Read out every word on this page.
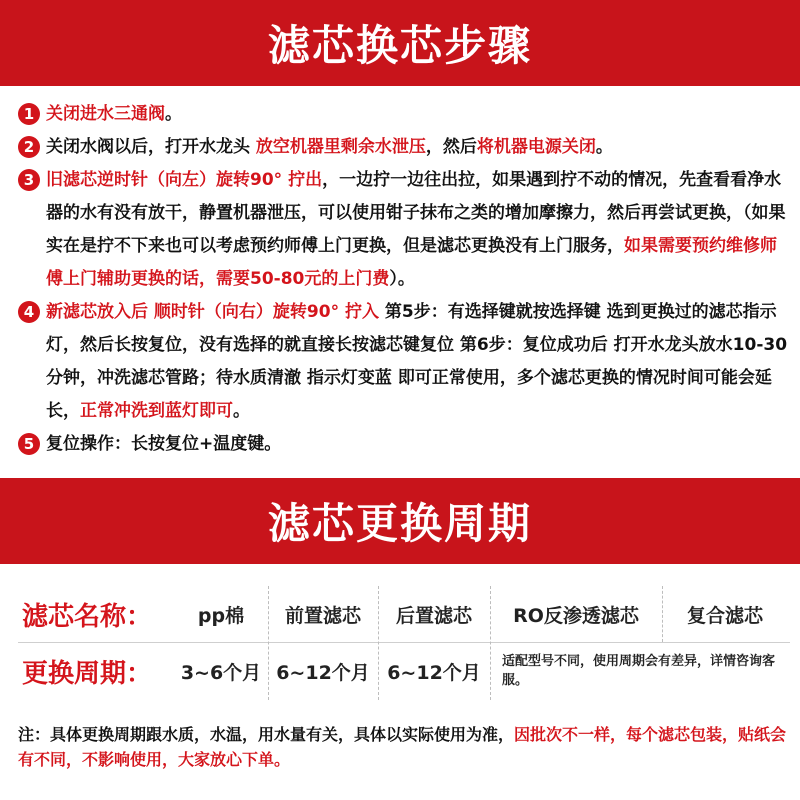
滤芯换芯步骤
1 关闭进水三通阀。
2 关闭水阀以后，打开水龙头 放空机器里剩余水泄压，然后将机器电源关闭。
3 旧滤芯逆时针（向左）旋转90° 拧出，一边拧一边往出拉，如果遇到拧不动的情况，先查看看净水器的水有没有放干，静置机器泄压，可以使用钳子抹布之类的增加摩擦力，然后再尝试更换，（如果实在是拧不下来也可以考虑预约师傅上门更换，但是滤芯更换没有上门服务，如果需要预约维修师傅上门辅助更换的话，需要50-80元的上门费）。
4 新滤芯放入后 顺时针（向右）旋转90° 拧入 第5步：有选择键就按选择键 选到更换过的滤芯指示灯，然后长按复位，没有选择的就直接长按滤芯键复位 第6步：复位成功后 打开水龙头放水10-30分钟，冲洗滤芯管路；待水质清澈 指示灯变蓝 即可正常使用，多个滤芯更换的情况时间可能会延长，正常冲洗到蓝灯即可。
5 复位操作：长按复位+温度键。
滤芯更换周期
滤芯名称：	pp棉	前置滤芯	后置滤芯	RO反渗透滤芯	复合滤芯
更换周期：	3~6个月 6~12个月 6~12个月	适配型号不同，使用周期会有差异，详情咨询客服。
注：具体更换周期跟水质，水温，用水量有关，具体以实际使用为准，因批次不一样，每个滤芯包装，贴纸会有不同，不影响使用，大家放心下单。
